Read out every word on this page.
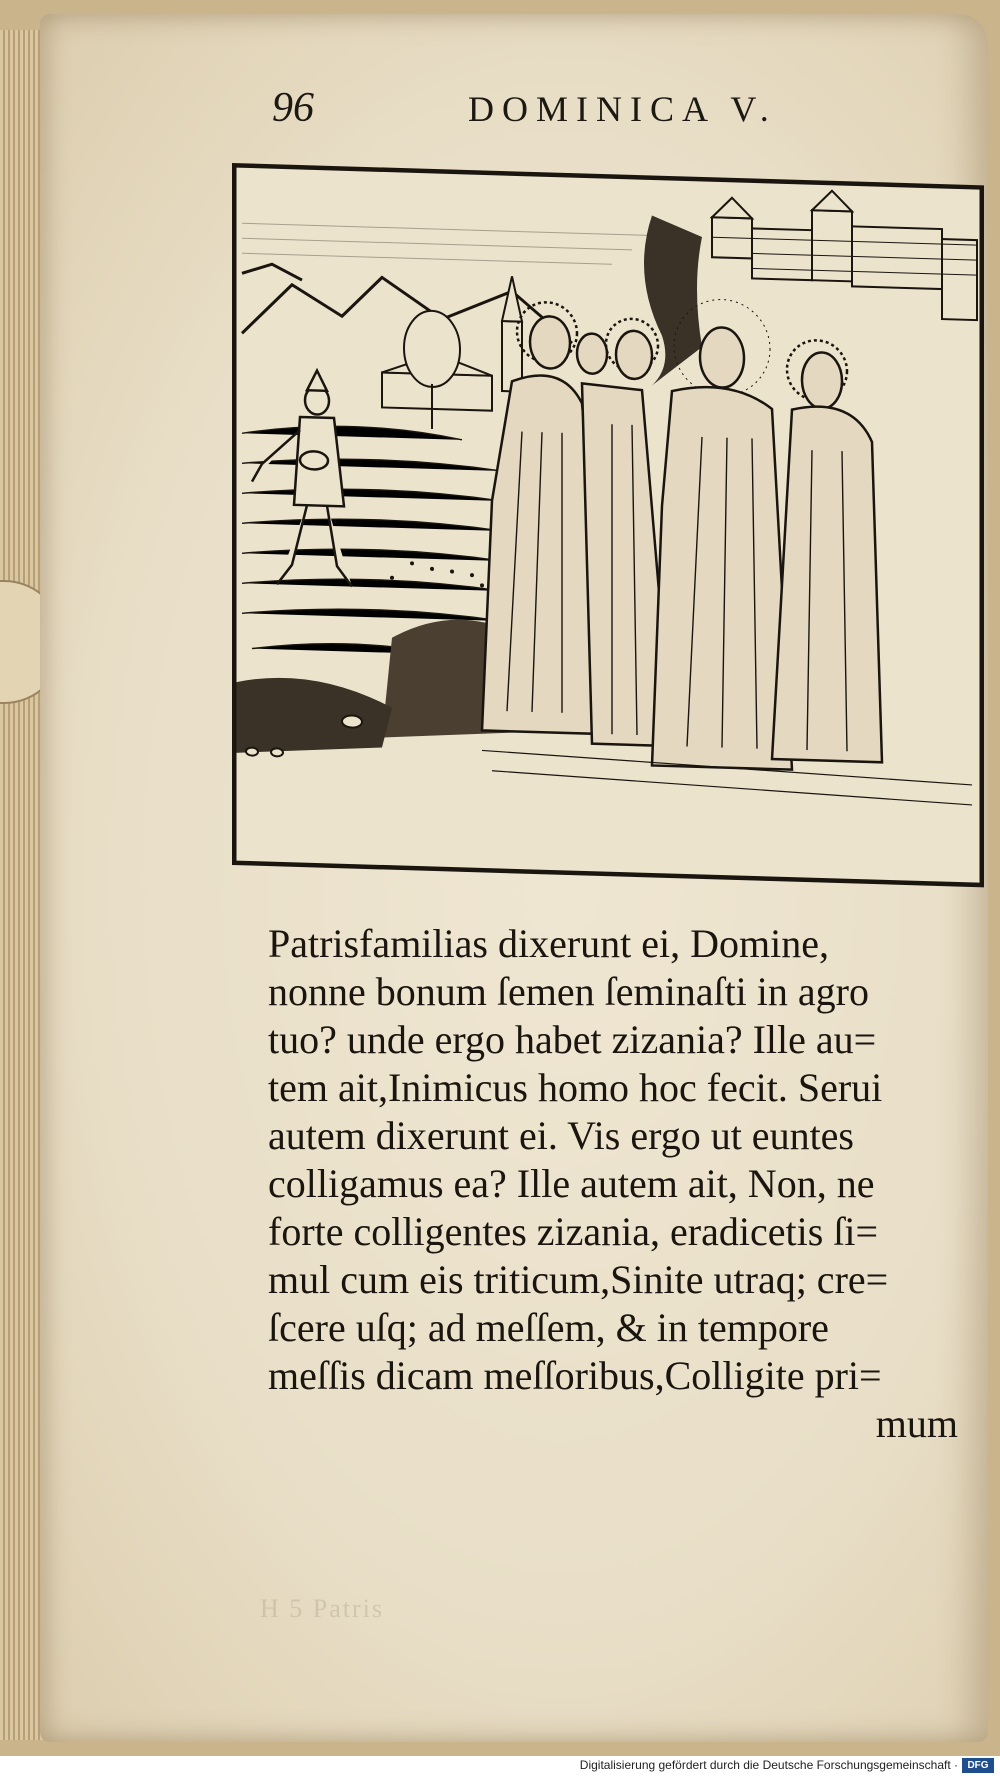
H 5 Patris
96	DOMINICA V.
Patrisfamilias dixerunt ei, Domine,
nonne bonum ſemen ſeminaſti in agro
tuo? unde ergo habet zizania? Ille au=
tem ait,Inimicus homo hoc fecit. Serui
autem dixerunt ei. Vis ergo ut euntes
colligamus ea? Ille autem ait, Non, ne
forte colligentes zizania, eradicetis ſi=
mul cum eis triticum,Sinite utraq; cre=
ſcere uſq; ad meſſem, & in tempore
meſſis dicam meſſoribus,Colligite pri=
mum
Digitalisierung gefördert durch die Deutsche Forschungsgemeinschaft · DFG
